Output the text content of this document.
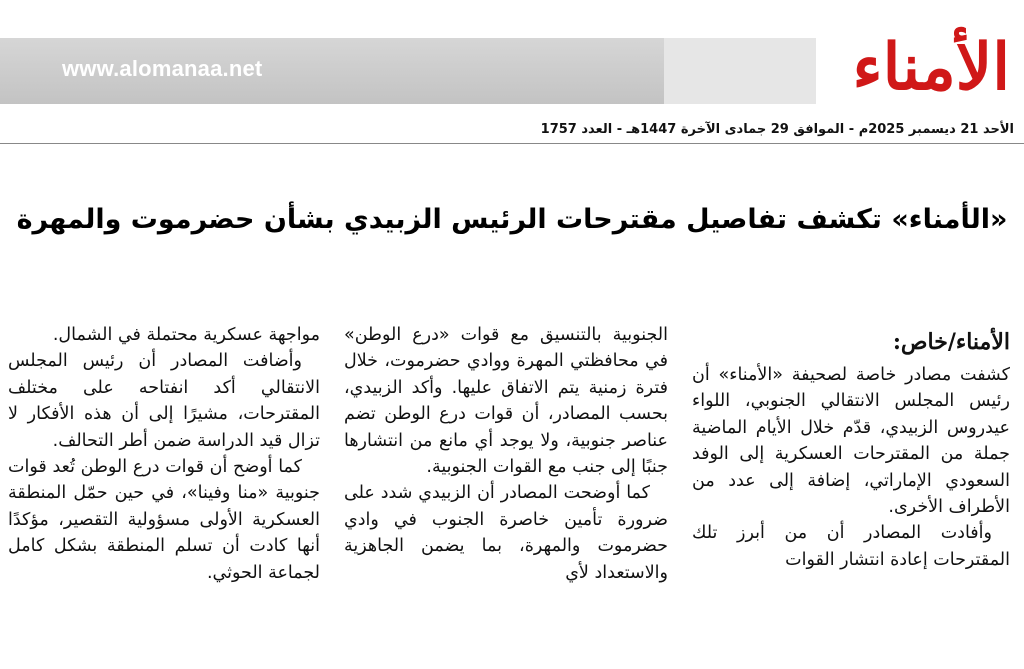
www.alomanaa.net	الأمناء
الأحد 21 ديسمبر 2025م - الموافق 29 جمادى الآخرة 1447هـ - العدد 1757
«الأمناء» تكشف تفاصيل مقترحات الرئيس الزبيدي بشأن حضرموت والمهرة
الأمناء/خاص:

كشفت مصادر خاصة لصحيفة «الأمناء» أن رئيس المجلس الانتقالي الجنوبي، اللواء عيدروس الزبيدي، قدّم خلال الأيام الماضية جملة من المقترحات العسكرية إلى الوفد السعودي الإماراتي، إضافة إلى عدد من الأطراف الأخرى.

وأفادت المصادر أن من أبرز تلك المقترحات إعادة انتشار القوات

الجنوبية بالتنسيق مع قوات «درع الوطن» في محافظتي المهرة ووادي حضرموت، خلال فترة زمنية يتم الاتفاق عليها. وأكد الزبيدي، بحسب المصادر، أن قوات درع الوطن تضم عناصر جنوبية، ولا يوجد أي مانع من انتشارها جنبًا إلى جنب مع القوات الجنوبية.

كما أوضحت المصادر أن الزبيدي شدد على ضرورة تأمين خاصرة الجنوب في وادي حضرموت والمهرة، بما يضمن الجاهزية والاستعداد لأي

مواجهة عسكرية محتملة في الشمال.

وأضافت المصادر أن رئيس المجلس الانتقالي أكد انفتاحه على مختلف المقترحات، مشيرًا إلى أن هذه الأفكار لا تزال قيد الدراسة ضمن أطر التحالف.

كما أوضح أن قوات درع الوطن تُعد قوات جنوبية «منا وفينا»، في حين حمّل المنطقة العسكرية الأولى مسؤولية التقصير، مؤكدًا أنها كادت أن تسلم المنطقة بشكل كامل لجماعة الحوثي.
